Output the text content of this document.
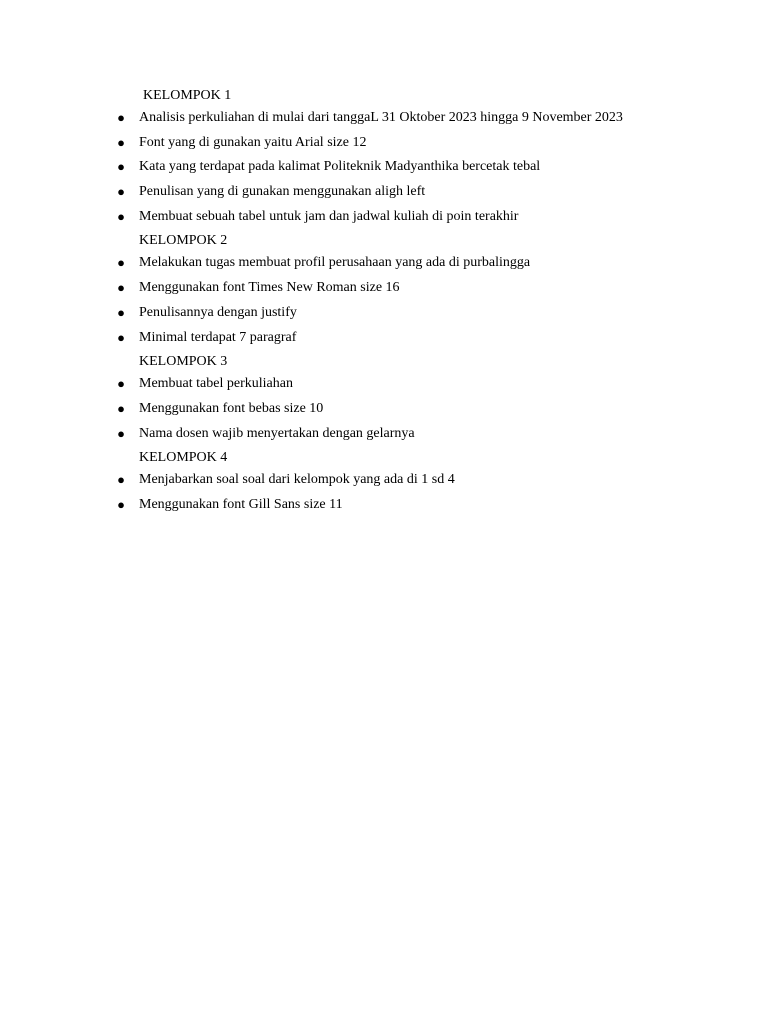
KELOMPOK 1
● Analisis perkuliahan di mulai dari tanggaL 31 Oktober 2023 hingga 9 November 2023
● Font yang di gunakan yaitu Arial size 12
● Kata yang terdapat pada kalimat Politeknik Madyanthika bercetak tebal
● Penulisan yang di gunakan menggunakan aligh left
● Membuat sebuah tabel untuk jam dan jadwal kuliah di poin terakhir
KELOMPOK 2
● Melakukan tugas membuat profil perusahaan yang ada di purbalingga
● Menggunakan font Times New Roman size 16
● Penulisannya dengan justify
● Minimal terdapat 7 paragraf
KELOMPOK 3
● Membuat tabel perkuliahan
● Menggunakan font bebas size 10
● Nama dosen wajib menyertakan dengan gelarnya
KELOMPOK 4
● Menjabarkan soal soal dari kelompok yang ada di 1 sd 4
● Menggunakan font Gill Sans size 11
